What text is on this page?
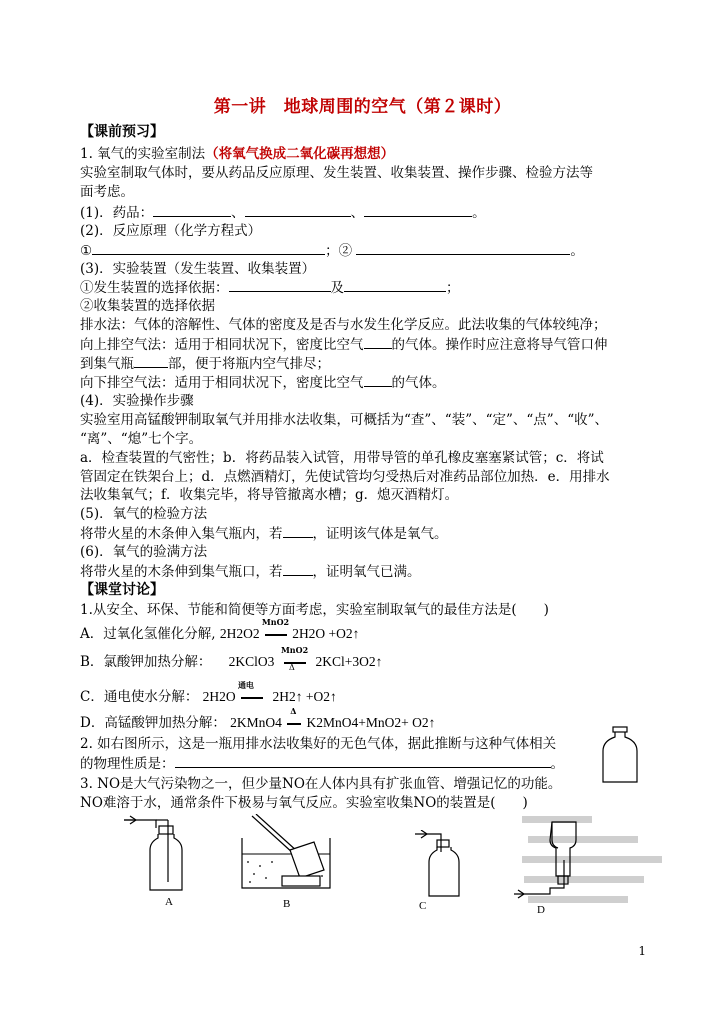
第一讲　地球周围的空气（第２课时）
【课前预习】
1. 氧气的实验室制法（将氧气换成二氧化碳再想想）
实验室制取气体时，要从药品反应原理、发生装置、收集装置、操作步骤、检验方法等
面考虑。
(1)．药品：	、	、	。
(2)．反应原理（化学方程式）
①	；②	。
(3)．实验装置（发生装置、收集装置）
①发生装置的选择依据：	及	；
②收集装置的选择依据
排水法：气体的溶解性、气体的密度及是否与水发生化学反应。此法收集的气体较纯净；
向上排空气法：适用于相同状况下，密度比空气 的气体。操作时应注意将导气管口伸
到集气瓶	部，便于将瓶内空气排尽；
向下排空气法：适用于相同状况下，密度比空气 的气体。
(4)．实验操作步骤
实验室用高锰酸钾制取氧气并用排水法收集，可概括为“查”、“装”、“定”、“点”、“收”、
“离”、“熄”七个字。
a．检查装置的气密性；b．将药品装入试管，用带导管的单孔橡皮塞塞紧试管；c．将试
管固定在铁架台上；d．点燃酒精灯，先使试管均匀受热后对准药品部位加热．e．用排水
法收集氧气；f．收集完毕，将导管撤离水槽；g．熄灭酒精灯。
(5)．氧气的检验方法
将带火星的木条伸入集气瓶内，若 ，证明该气体是氧气。
(6)．氧气的验满方法
将带火星的木条伸到集气瓶口，若 ，证明氧气已满。
【课堂讨论】
1.从安全、环保、节能和简便等方面考虑，实验室制取氧气的最佳方法是(　　)
A．过氧化氢催化分解, 2H2O2
MnO2
2H2O +O2↑
B．氯酸钾加热分解： 2KClO3
MnO2
Δ 2KCl+3O2↑
C．通电使水分解： 2H2O
通电
2H2↑ +O2↑
D．高锰酸钾加热分解： 2KMnO4
Δ
K2MnO4+MnO2+ O2↑
2. 如右图所示，这是一瓶用排水法收集好的无色气体，据此推断与这种气体相关
的物理性质是：	。
3. NO是大气污染物之一，但少量NO在人体内具有扩张血管、增强记忆的功能。
NO难溶于水，通常条件下极易与氧气反应。实验室收集NO的装置是(　　)
A	B	C	D
1
